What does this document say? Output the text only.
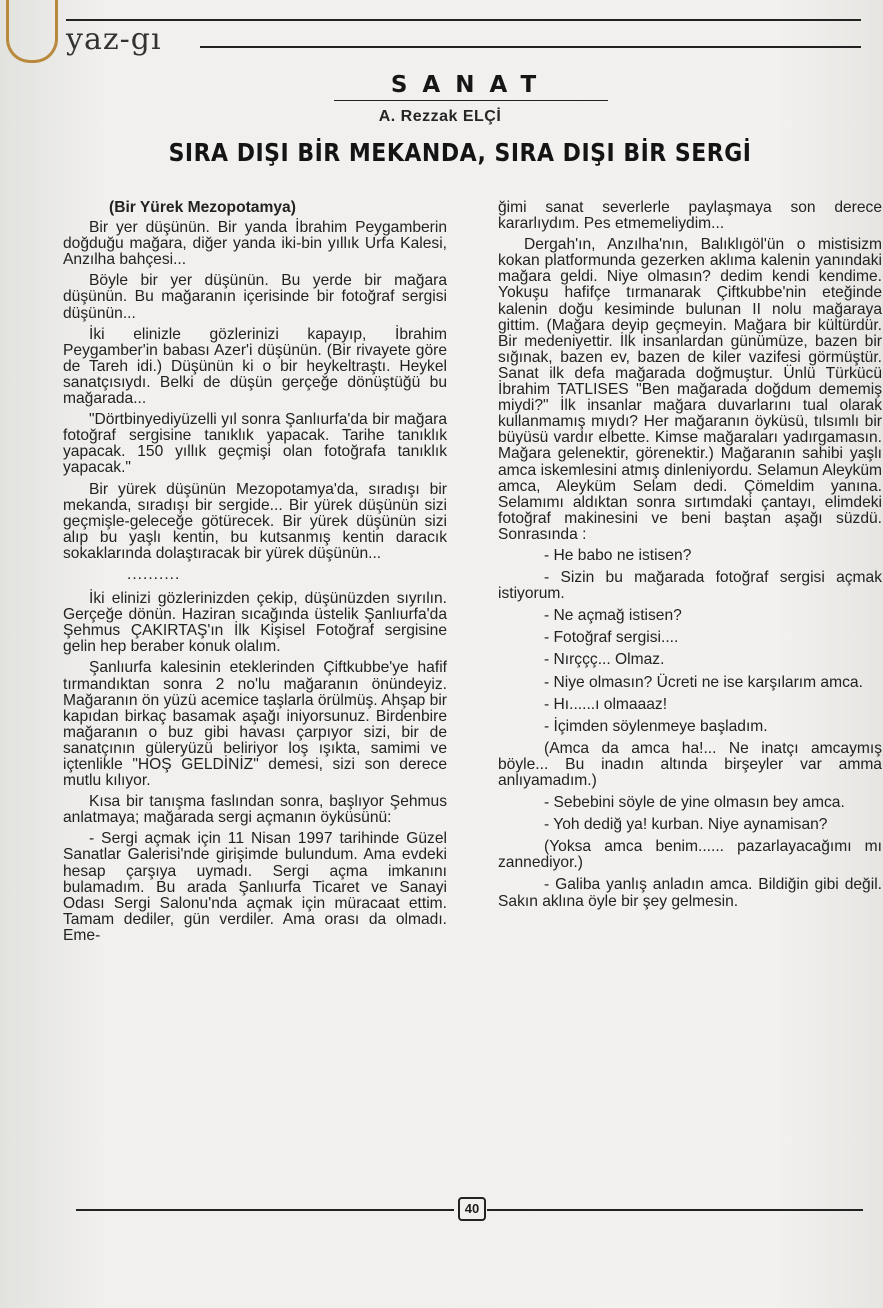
yaz-gı
SANAT
A. Rezzak ELÇİ
SIRA DIŞI BİR MEKANDA, SIRA DIŞI BİR SERGİ

(Bir Yürek Mezopotamya)

Bir yer düşünün. Bir yanda İbrahim Peygamberin doğduğu mağara, diğer yanda iki-bin yıllık Urfa Kalesi, Anzılha bahçesi...

Böyle bir yer düşünün. Bu yerde bir mağara düşünün. Bu mağaranın içerisinde bir fotoğraf sergisi düşünün...

İki elinizle gözlerinizi kapayıp, İbrahim Peygamber'in babası Azer'i düşünün. (Bir rivayete göre de Tareh idi.) Düşünün ki o bir heykeltraştı. Heykel sanatçısıydı. Belki de düşün gerçeğe dönüştüğü bu mağarada...

"Dörtbinyediyüzelli yıl sonra Şanlıurfa'da bir mağara fotoğraf sergisine tanıklık yapacak. Tarihe tanıklık yapacak. 150 yıllık geçmişi olan fotoğrafa tanıklık yapacak."

Bir yürek düşünün Mezopotamya'da, sıradışı bir mekanda, sıradışı bir sergide... Bir yürek düşünün sizi geçmişle-geleceğe götürecek. Bir yürek düşünün sizi alıp bu yaşlı kentin, bu kutsanmış kentin daracık sokaklarında dolaştıracak bir yürek düşünün...

..........

İki elinizi gözlerinizden çekip, düşünüzden sıyrılın. Gerçeğe dönün. Haziran sıcağında üstelik Şanlıurfa'da Şehmus ÇAKIRTAŞ'ın İlk Kişisel Fotoğraf sergisine gelin hep beraber konuk olalım.

Şanlıurfa kalesinin eteklerinden Çiftkubbe'ye hafif tırmandıktan sonra 2 no'lu mağaranın önündeyiz. Mağaranın ön yüzü acemice taşlarla örülmüş. Ahşap bir kapıdan birkaç basamak aşağı iniyorsunuz. Birdenbire mağaranın o buz gibi havası çarpıyor sizi, bir de sanatçının güleryüzü beliriyor loş ışıkta, samimi ve içtenlikle "HOŞ GELDİNİZ" demesi, sizi son derece mutlu kılıyor.

Kısa bir tanışma faslından sonra, başlıyor Şehmus anlatmaya; mağarada sergi açmanın öyküsünü:

- Sergi açmak için 11 Nisan 1997 tarihinde Güzel Sanatlar Galerisi'nde girişimde bulundum. Ama evdeki hesap çarşıya uymadı. Sergi açma imkanını bulamadım. Bu arada Şanlıurfa Ticaret ve Sanayi Odası Sergi Salonu'nda açmak için müracaat ettim. Tamam dediler, gün verdiler. Ama orası da olmadı. Eme-

ğimi sanat severlerle paylaşmaya son derece kararlıydım. Pes etmemeliydim...

Dergah'ın, Anzılha'nın, Balıklıgöl'ün o mistisizm kokan platformunda gezerken aklıma kalenin yanındaki mağara geldi. Niye olmasın? dedim kendi kendime. Yokuşu hafifçe tırmanarak Çiftkubbe'nin eteğinde kalenin doğu kesiminde bulunan II nolu mağaraya gittim. (Mağara deyip geçmeyin. Mağara bir kültürdür. Bir medeniyettir. İlk insanlardan günümüze, bazen bir sığınak, bazen ev, bazen de kiler vazifesi görmüştür. Sanat ilk defa mağarada doğmuştur. Ünlü Türkücü İbrahim TATLISES "Ben mağarada doğdum dememiş miydi?" İlk insanlar mağara duvarlarını tual olarak kullanmamış mıydı? Her mağaranın öyküsü, tılsımlı bir büyüsü vardır elbette. Kimse mağaraları yadırgamasın. Mağara gelenektir, görenektir.) Mağaranın sahibi yaşlı amca iskemlesini atmış dinleniyordu. Selamun Aleyküm amca, Aleyküm Selam dedi. Çömeldim yanına. Selamımı aldıktan sonra sırtımdaki çantayı, elimdeki fotoğraf makinesini ve beni baştan aşağı süzdü. Sonrasında :

- He babo ne istisen?

- Sizin bu mağarada fotoğraf sergisi açmak istiyorum.

- Ne açmağ istisen?

- Fotoğraf sergisi....

- Nırççç... Olmaz.

- Niye olmasın? Ücreti ne ise karşılarım amca.

- Hı......ı olmaaaz!

- İçimden söylenmeye başladım.

(Amca da amca ha!... Ne inatçı amcaymış böyle... Bu inadın altında birşeyler var amma anlıyamadım.)

- Sebebini söyle de yine olmasın bey amca.

- Yoh dediğ ya! kurban. Niye aynamisan?

(Yoksa amca benim...... pazarlayacağımı mı zannediyor.)

- Galiba yanlış anladın amca. Bildiğin gibi değil. Sakın aklına öyle bir şey gelmesin.

40
